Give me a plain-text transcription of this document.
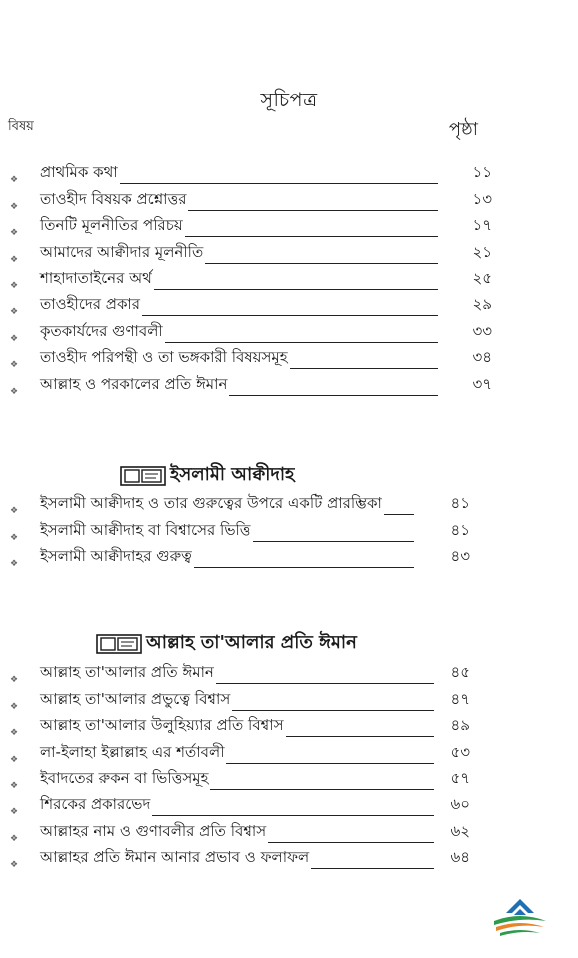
সূচিপত্র
বিষয়	পৃষ্ঠা
❖ প্রাথমিক কথা	১১
❖ তাওহীদ বিষয়ক প্রশ্নোত্তর	১৩
❖ তিনটি মূলনীতির পরিচয়	১৭
❖ আমাদের আক্বীদার মূলনীতি	২১
❖ শাহাদাতাইনের অর্থ	২৫
❖ তাওহীদের প্রকার	২৯
❖ কৃতকার্যদের গুণাবলী	৩৩
❖ তাওহীদ পরিপন্থী ও তা ভঙ্গকারী বিষয়সমূহ	৩৪
❖ আল্লাহ ও পরকালের প্রতি ঈমান	৩৭
ইসলামী আক্বীদাহ
❖ ইসলামী আক্বীদাহ ও তার গুরুত্বের উপরে একটি প্রারম্ভিকা	৪১
❖ ইসলামী আক্বীদাহ বা বিশ্বাসের ভিত্তি	৪১
❖ ইসলামী আক্বীদাহর গুরুত্ব	৪৩
আল্লাহ তা'আলার প্রতি ঈমান
❖ আল্লাহ তা'আলার প্রতি ঈমান	৪৫
❖ আল্লাহ তা'আলার প্রভুত্বে বিশ্বাস	৪৭
❖ আল্লাহ তা'আলার উলুহিয়্যার প্রতি বিশ্বাস	৪৯
❖ লা-ইলাহা ইল্লাল্লাহ এর শর্তাবলী	৫৩
❖ ইবাদতের রুকন বা ভিত্তিসমূহ	৫৭
❖ শিরকের প্রকারভেদ	৬০
❖ আল্লাহর নাম ও গুণাবলীর প্রতি বিশ্বাস	৬২
❖ আল্লাহর প্রতি ঈমান আনার প্রভাব ও ফলাফল	৬৪
